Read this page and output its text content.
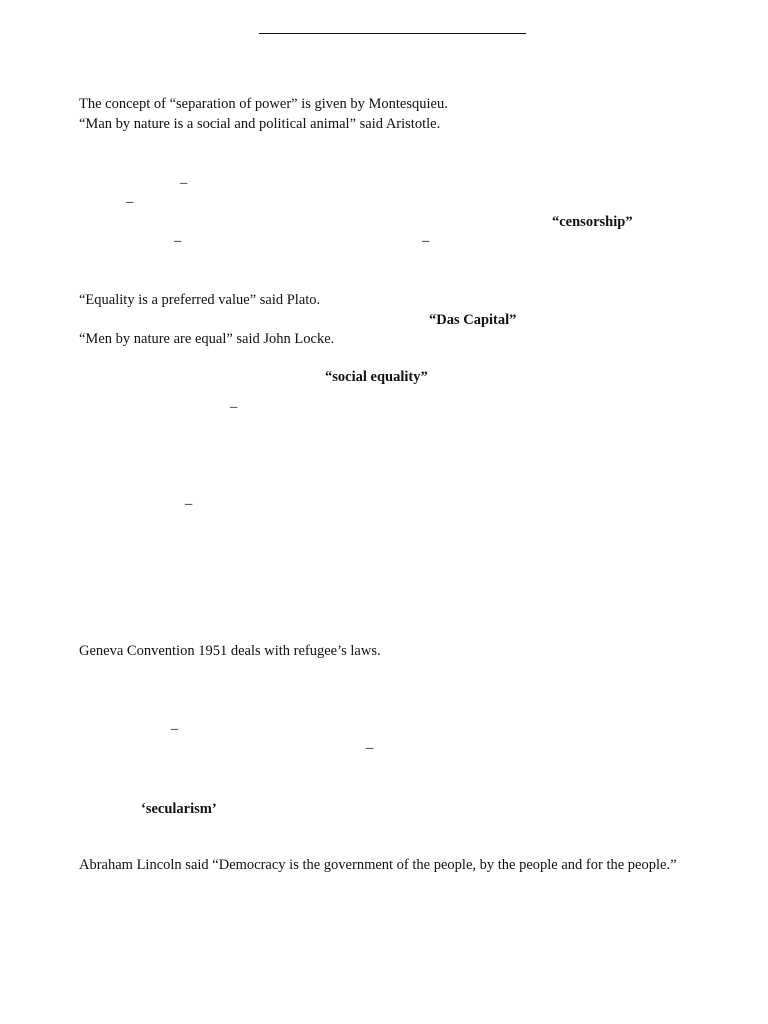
The concept of “separation of power” is given by Montesquieu.
“Man by nature is a social and political animal” said Aristotle.
–
–
“censorship”
–	–
“Equality is a preferred value” said Plato.
“Das Capital”
“Men by nature are equal” said John Locke.
“social equality”
–
–
Geneva Convention 1951 deals with refugee’s laws.
–
–
‘secularism’
Abraham Lincoln said “Democracy is the government of the people, by the people and for the people.”
